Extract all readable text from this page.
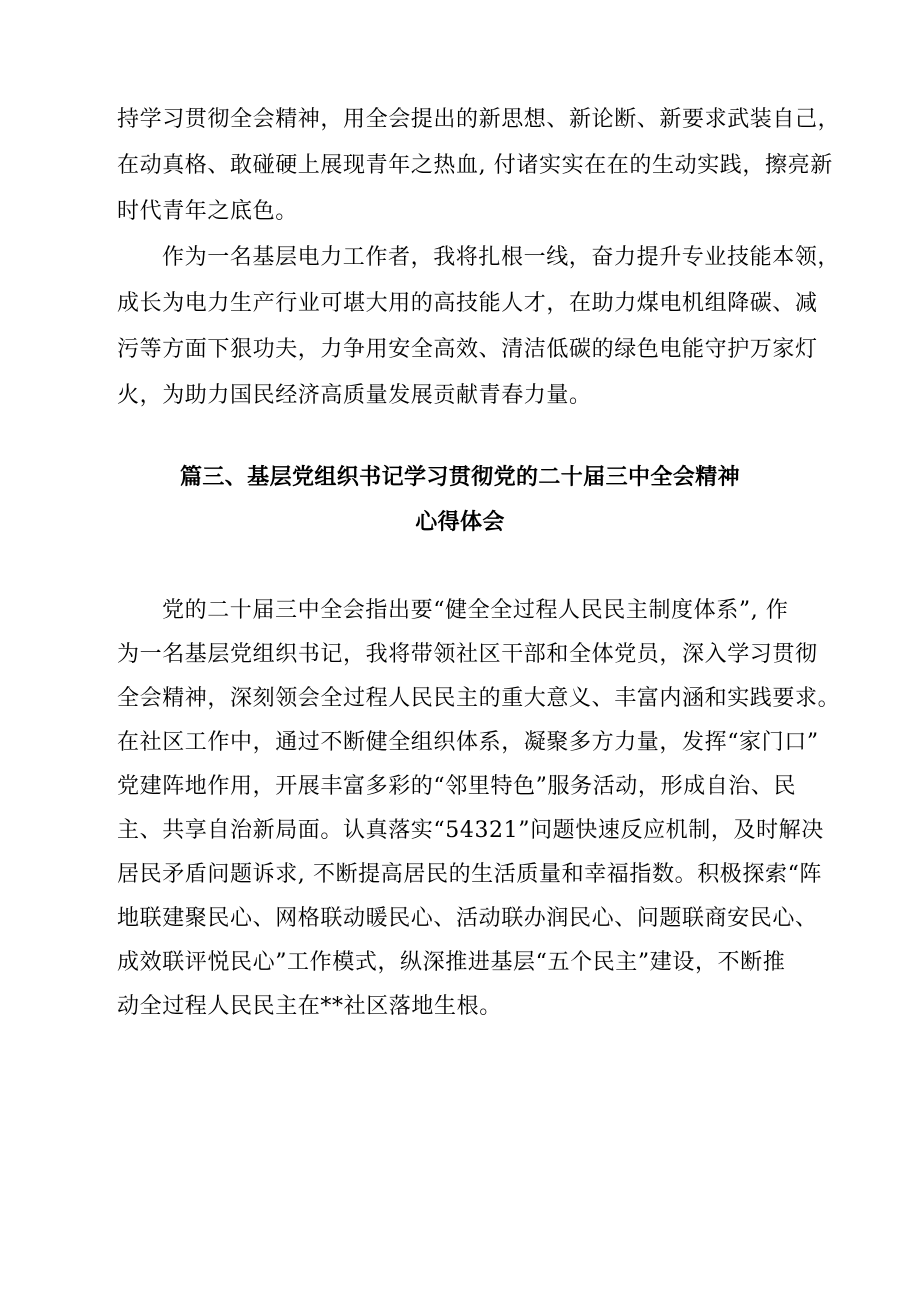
持学习贯彻全会精神，用全会提出的新思想、新论断、新要求武装自己，
在动真格、敢碰硬上展现青年之热血, 付诸实实在在的生动实践，擦亮新
时代青年之底色。
作为一名基层电力工作者，我将扎根一线，奋力提升专业技能本领，
成长为电力生产行业可堪大用的高技能人才，在助力煤电机组降碳、减
污等方面下狠功夫，力争用安全高效、清洁低碳的绿色电能守护万家灯
火，为助力国民经济高质量发展贡献青春力量。
篇三、基层党组织书记学习贯彻党的二十届三中全会精神
心得体会
党的二十届三中全会指出要“健全全过程人民民主制度体系”, 作
为一名基层党组织书记，我将带领社区干部和全体党员，深入学习贯彻
全会精神，深刻领会全过程人民民主的重大意义、丰富内涵和实践要求。
在社区工作中，通过不断健全组织体系，凝聚多方力量，发挥“家门口”
党建阵地作用，开展丰富多彩的“邻里特色”服务活动，形成自治、民
主、共享自治新局面。认真落实“54321”问题快速反应机制，及时解决
居民矛盾问题诉求, 不断提高居民的生活质量和幸福指数。积极探索“阵
地联建聚民心、网格联动暖民心、活动联办润民心、问题联商安民心、
成效联评悦民心”工作模式，纵深推进基层“五个民主”建设，不断推
动全过程人民民主在**社区落地生根。
